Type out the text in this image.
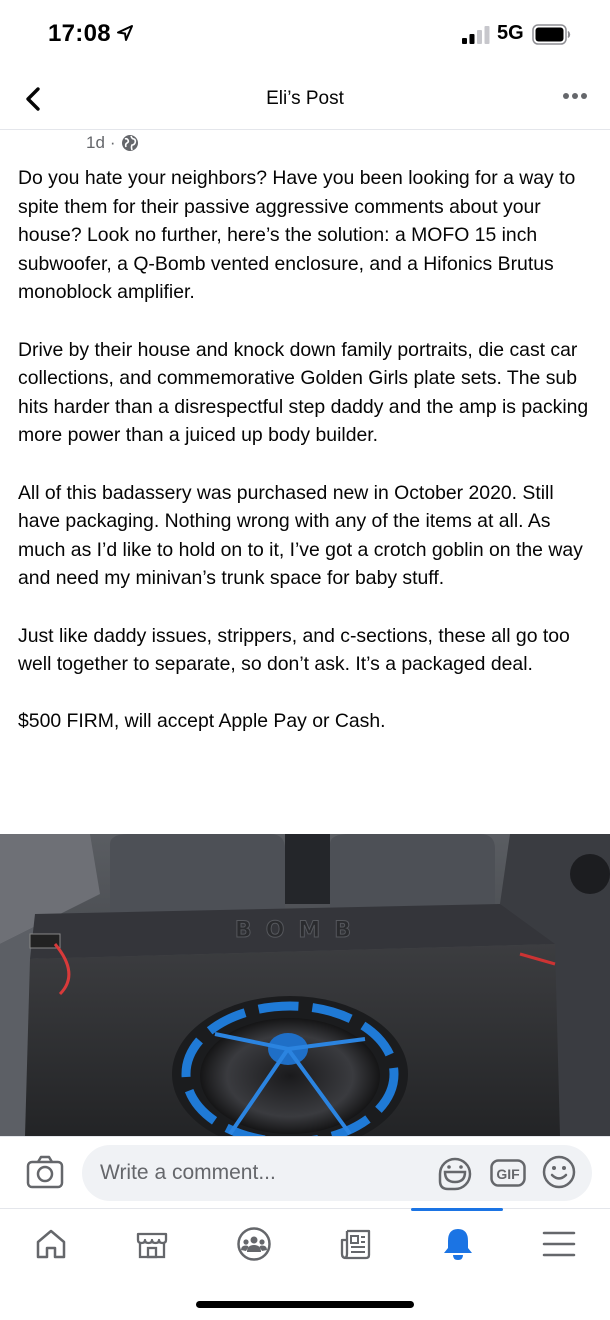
17:08	5G
Eli’s Post
1d ·

Do you hate your neighbors? Have you been looking for a way to spite them for their passive aggressive comments about your house? Look no further, here’s the solution: a MOFO 15 inch subwoofer, a Q-Bomb vented enclosure, and a Hifonics Brutus monoblock amplifier.

Drive by their house and knock down family portraits, die cast car collections, and commemorative Golden Girls plate sets. The sub hits harder than a disrespectful step daddy and the amp is packing more power than a juiced up body builder.

All of this badassery was purchased new in October 2020. Still have packaging. Nothing wrong with any of the items at all. As much as I’d like to hold on to it, I’ve got a crotch goblin on the way and need my minivan’s trunk space for baby stuff.

Just like daddy issues, strippers, and c-sections, these all go too well together to separate, so don’t ask. It’s a packaged deal.

$500 FIRM, will accept Apple Pay or Cash.

BOMB
Write a comment...	GIF
